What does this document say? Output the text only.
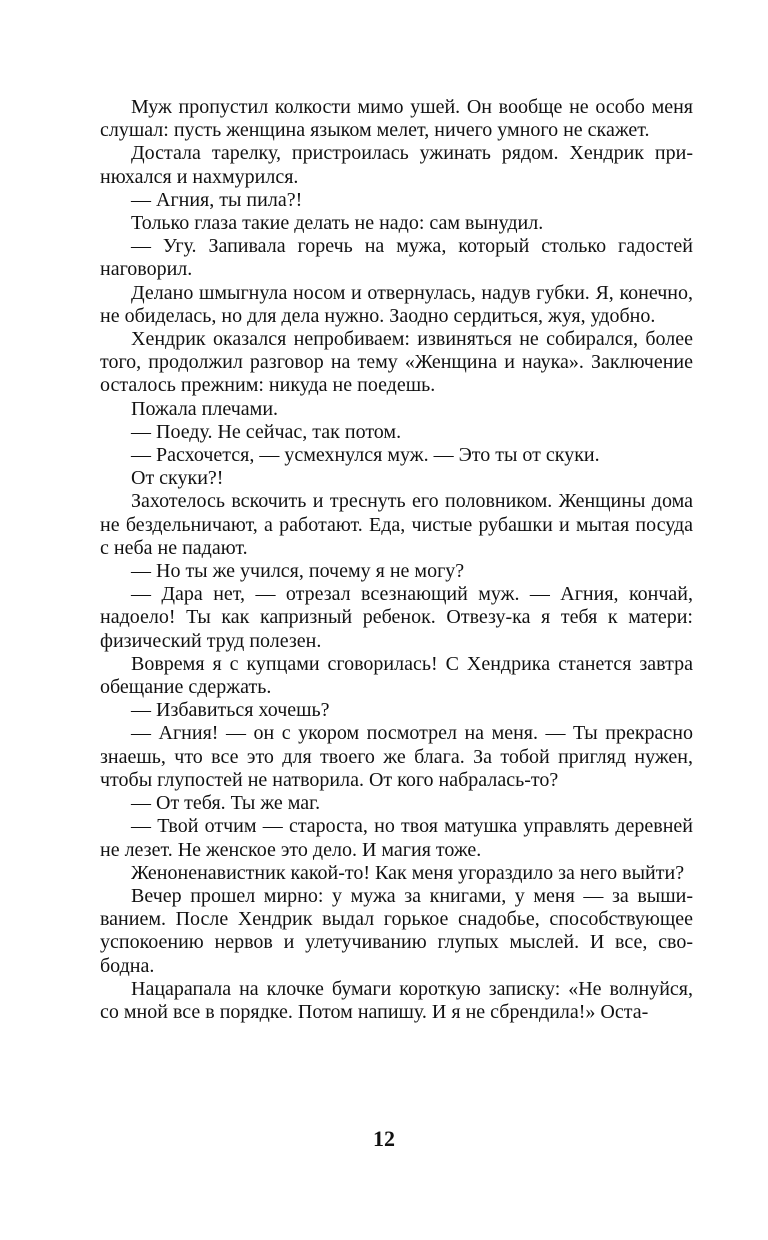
Муж пропустил колкости мимо ушей. Он вообще не особо меня слушал: пусть женщина языком мелет, ничего умного не скажет.

Достала тарелку, пристроилась ужинать рядом. Хендрик принюхался и нахмурился.

— Агния, ты пила?!

Только глаза такие делать не надо: сам вынудил.

— Угу. Запивала горечь на мужа, который столько гадостей наговорил.

Делано шмыгнула носом и отвернулась, надув губки. Я, конечно, не обиделась, но для дела нужно. Заодно сердиться, жуя, удобно.

Хендрик оказался непробиваем: извиняться не собирался, более того, продолжил разговор на тему «Женщина и наука». Заключение осталось прежним: никуда не поедешь.

Пожала плечами.

— Поеду. Не сейчас, так потом.

— Расхочется, — усмехнулся муж. — Это ты от скуки.

От скуки?!

Захотелось вскочить и треснуть его половником. Женщины дома не бездельничают, а работают. Еда, чистые рубашки и мытая посуда с неба не падают.

— Но ты же учился, почему я не могу?

— Дара нет, — отрезал всезнающий муж. — Агния, кончай, надоело! Ты как капризный ребенок. Отвезу-ка я тебя к матери: физический труд полезен.

Вовремя я с купцами сговорилась! С Хендрика станется завтра обещание сдержать.

— Избавиться хочешь?

— Агния! — он с укором посмотрел на меня. — Ты прекрасно знаешь, что все это для твоего же блага. За тобой пригляд нужен, чтобы глупостей не натворила. От кого набралась-то?

— От тебя. Ты же маг.

— Твой отчим — староста, но твоя матушка управлять деревней не лезет. Не женское это дело. И магия тоже.

Женоненавистник какой-то! Как меня угораздило за него выйти?

Вечер прошел мирно: у мужа за книгами, у меня — за вышиванием. После Хендрик выдал горькое снадобье, способствующее успокоению нервов и улетучиванию глупых мыслей. И все, свободна.

Нацарапала на клочке бумаги короткую записку: «Не волнуйся, со мной все в порядке. Потом напишу. И я не сбрендила!» Оста-

12
